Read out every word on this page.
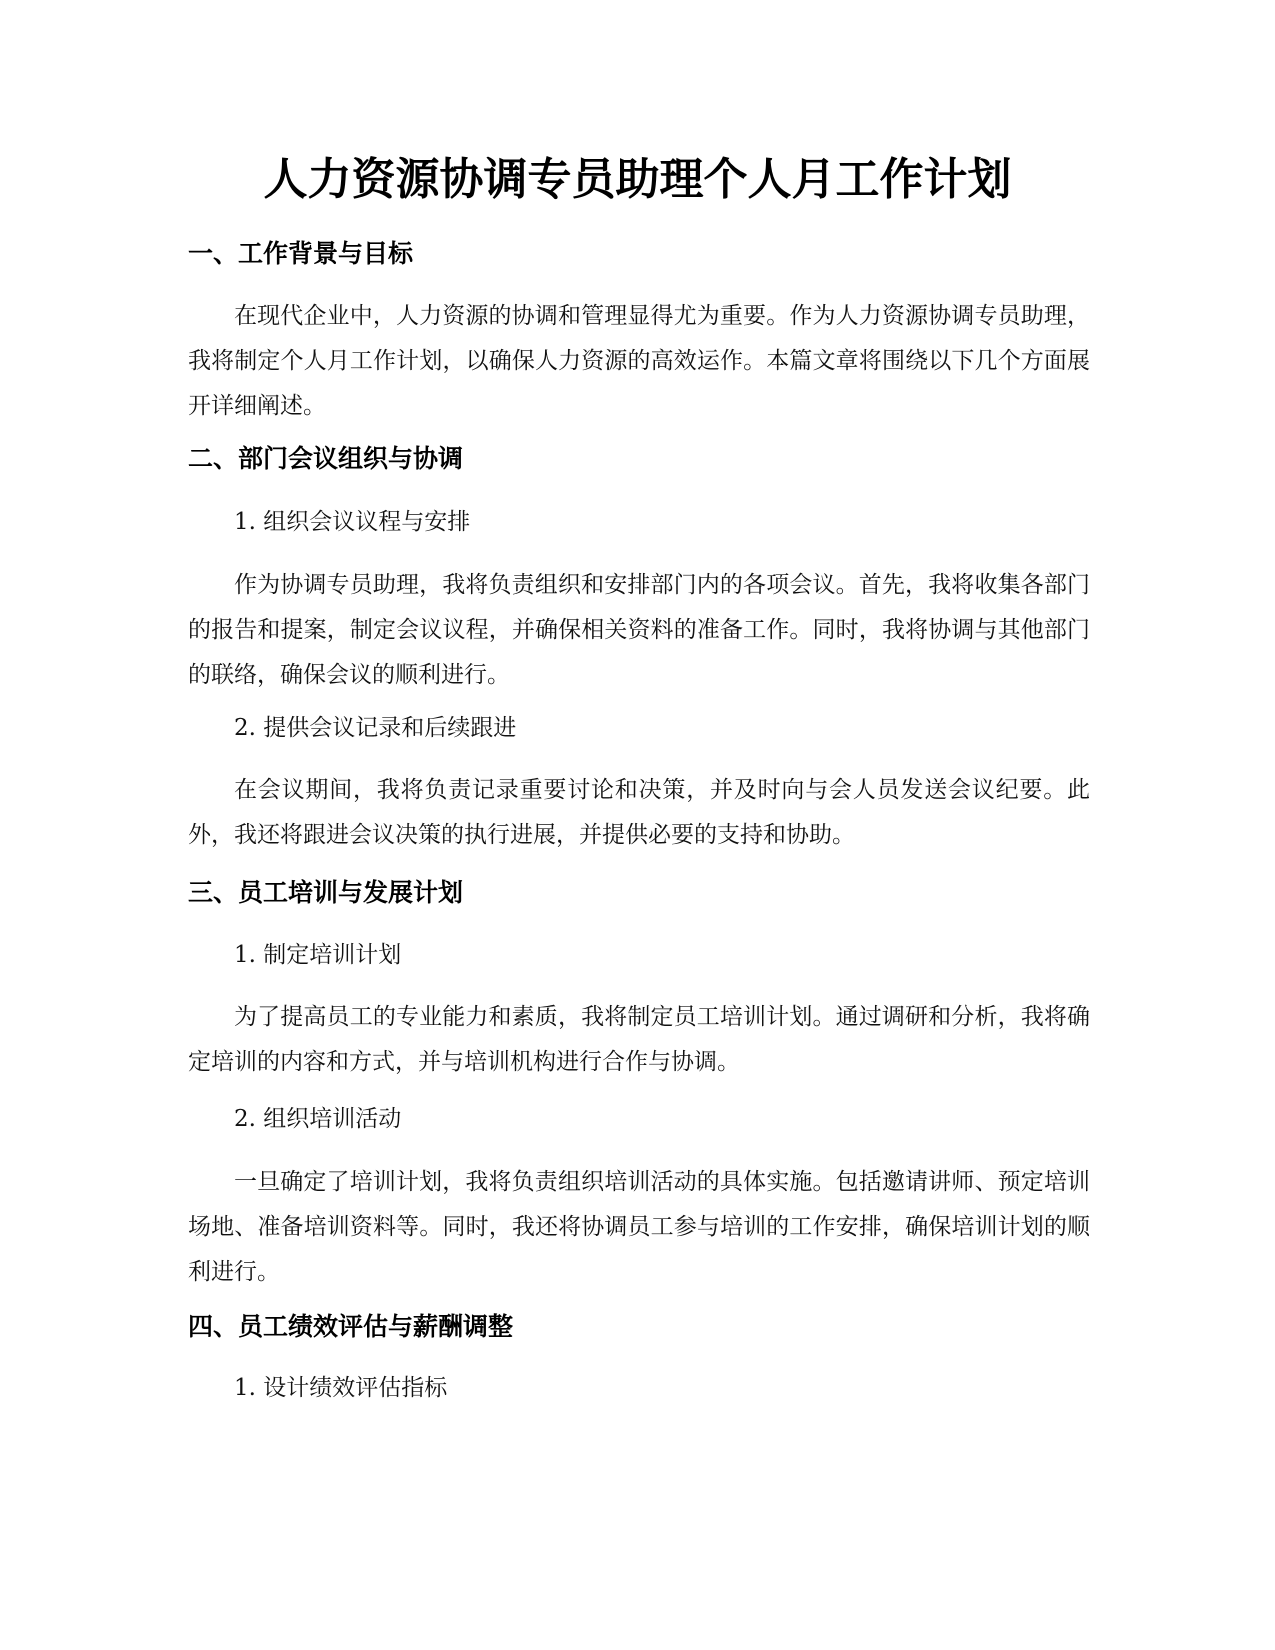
人力资源协调专员助理个人月工作计划
一、工作背景与目标

在现代企业中，人力资源的协调和管理显得尤为重要。作为人力资源协调专员助理，我将制定个人月工作计划，以确保人力资源的高效运作。本篇文章将围绕以下几个方面展开详细阐述。

二、部门会议组织与协调

1. 组织会议议程与安排

作为协调专员助理，我将负责组织和安排部门内的各项会议。首先，我将收集各部门的报告和提案，制定会议议程，并确保相关资料的准备工作。同时，我将协调与其他部门的联络，确保会议的顺利进行。

2. 提供会议记录和后续跟进

在会议期间，我将负责记录重要讨论和决策，并及时向与会人员发送会议纪要。此外，我还将跟进会议决策的执行进展，并提供必要的支持和协助。

三、员工培训与发展计划

1. 制定培训计划

为了提高员工的专业能力和素质，我将制定员工培训计划。通过调研和分析，我将确定培训的内容和方式，并与培训机构进行合作与协调。

2. 组织培训活动

一旦确定了培训计划，我将负责组织培训活动的具体实施。包括邀请讲师、预定培训场地、准备培训资料等。同时，我还将协调员工参与培训的工作安排，确保培训计划的顺利进行。

四、员工绩效评估与薪酬调整

1. 设计绩效评估指标
